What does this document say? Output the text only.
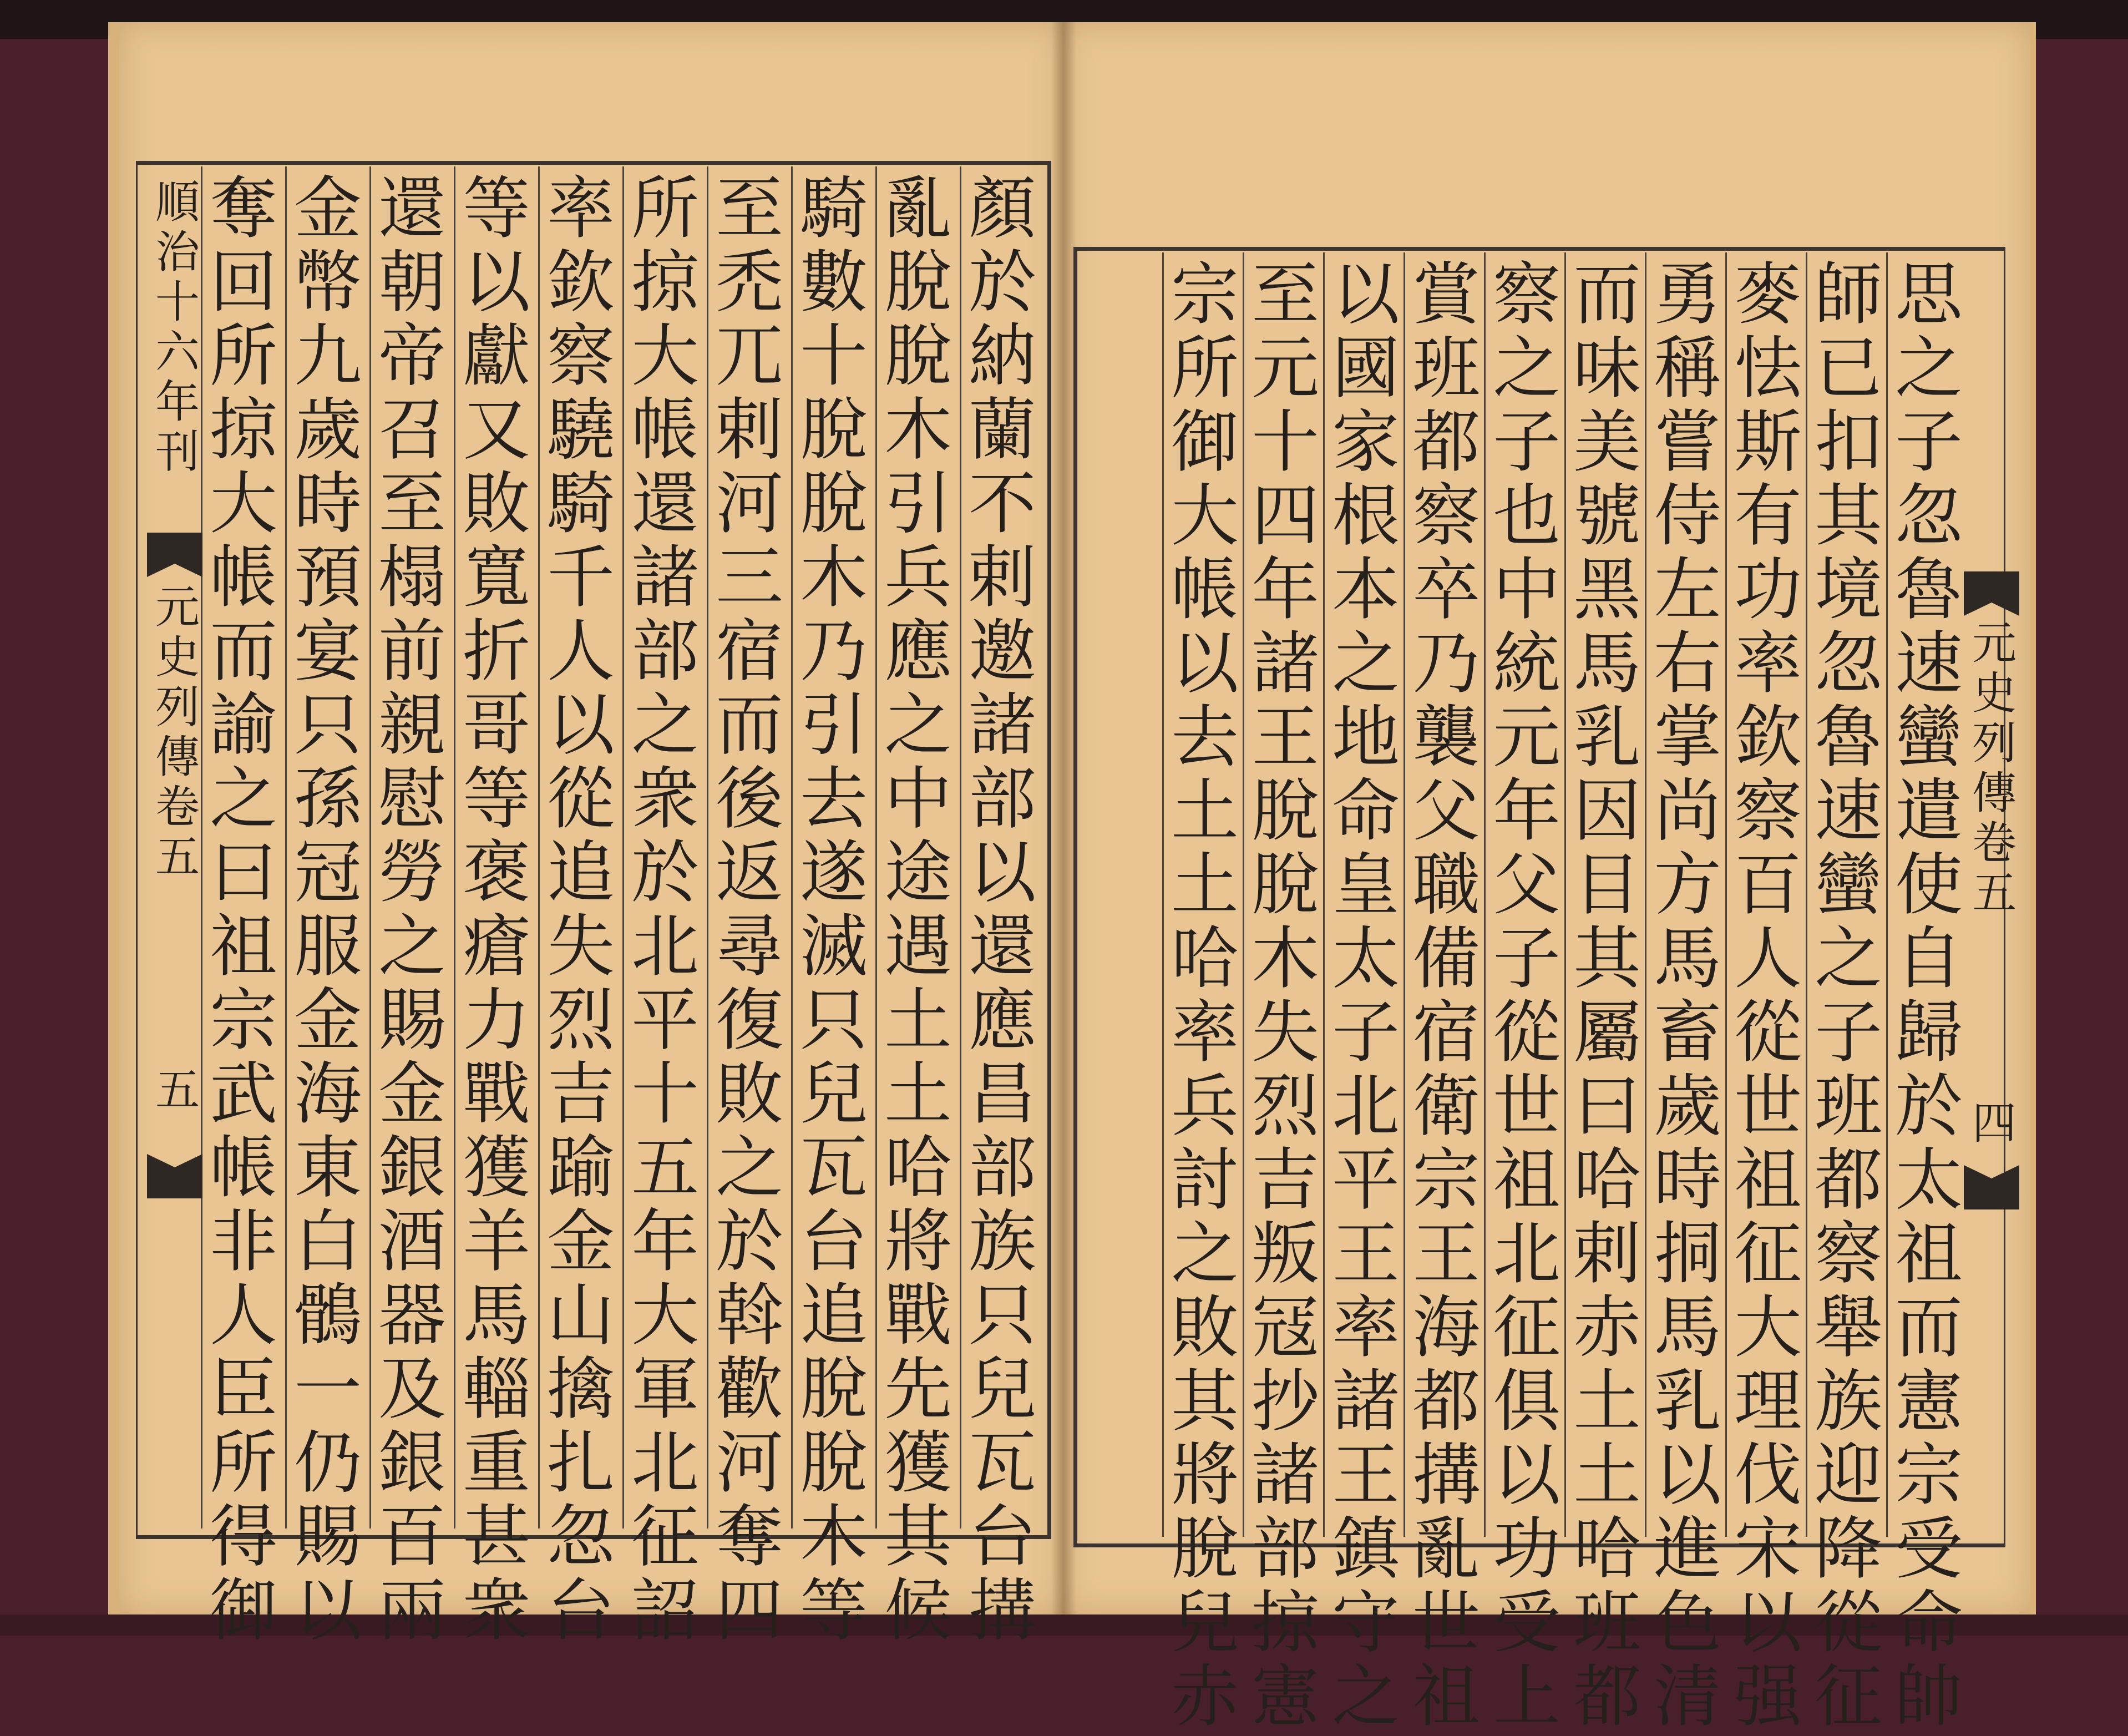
顏
於
納
蘭
不
剌
邀
諸
部
以
還
應
昌
部
族
只
兒
瓦
台
搆
亂
脫
脫
木
引
兵
應
之
中
途
遇
土
土
哈
將
戰
先
獲
其
候
騎
數
十
脫
脫
木
乃
引
去
遂
滅
只
兒
瓦
台
追
脫
脫
木
等
至
禿
兀
剌
河
三
宿
而
後
返
尋
復
敗
之
於
斡
歡
河
奪
四
所
掠
大
帳
還
諸
部
之
衆
於
北
平
十
五
年
大
軍
北
征
詔
率
欽
察
驍
騎
千
人
以
從
追
失
烈
吉
踰
金
山
擒
扎
忽
台
等
以
獻
又
敗
寬
折
哥
等
褒
瘡
力
戰
獲
羊
馬
輜
重
甚
衆
還
朝
帝
召
至
榻
前
親
慰
勞
之
賜
金
銀
酒
器
及
銀
百
兩
金
幣
九
歲
時
預
宴
只
孫
冠
服
金
海
東
白
鶻
一
仍
賜
以
奪
回
所
掠
大
帳
而
諭
之
曰
祖
宗
武
帳
非
人
臣
所
得
御
順
治
十
六
年
刊
元
史
列
傳
卷
五
五
思
之
子
忽
魯
速
蠻
遣
使
自
歸
於
太
祖
而
憲
宗
受
命
帥
師
已
扣
其
境
忽
魯
速
蠻
之
子
班
都
察
舉
族
迎
降
從
征
麥
怯
斯
有
功
率
欽
察
百
人
從
世
祖
征
大
理
伐
宋
以
强
勇
稱
嘗
侍
左
右
掌
尚
方
馬
畜
歲
時
挏
馬
乳
以
進
色
清
而
味
美
號
黑
馬
乳
因
目
其
屬
曰
哈
剌
赤
土
土
哈
班
都
察
之
子
也
中
統
元
年
父
子
從
世
祖
北
征
俱
以
功
受
上
賞
班
都
察
卒
乃
襲
父
職
備
宿
衛
宗
王
海
都
搆
亂
世
祖
以
國
家
根
本
之
地
命
皇
太
子
北
平
王
率
諸
王
鎮
守
之
至
元
十
四
年
諸
王
脫
脫
木
失
烈
吉
叛
冦
抄
諸
部
掠
憲
宗
所
御
大
帳
以
去
土
土
哈
率
兵
討
之
敗
其
將
脫
兒
赤
元
史
列
傳
卷
五
四
